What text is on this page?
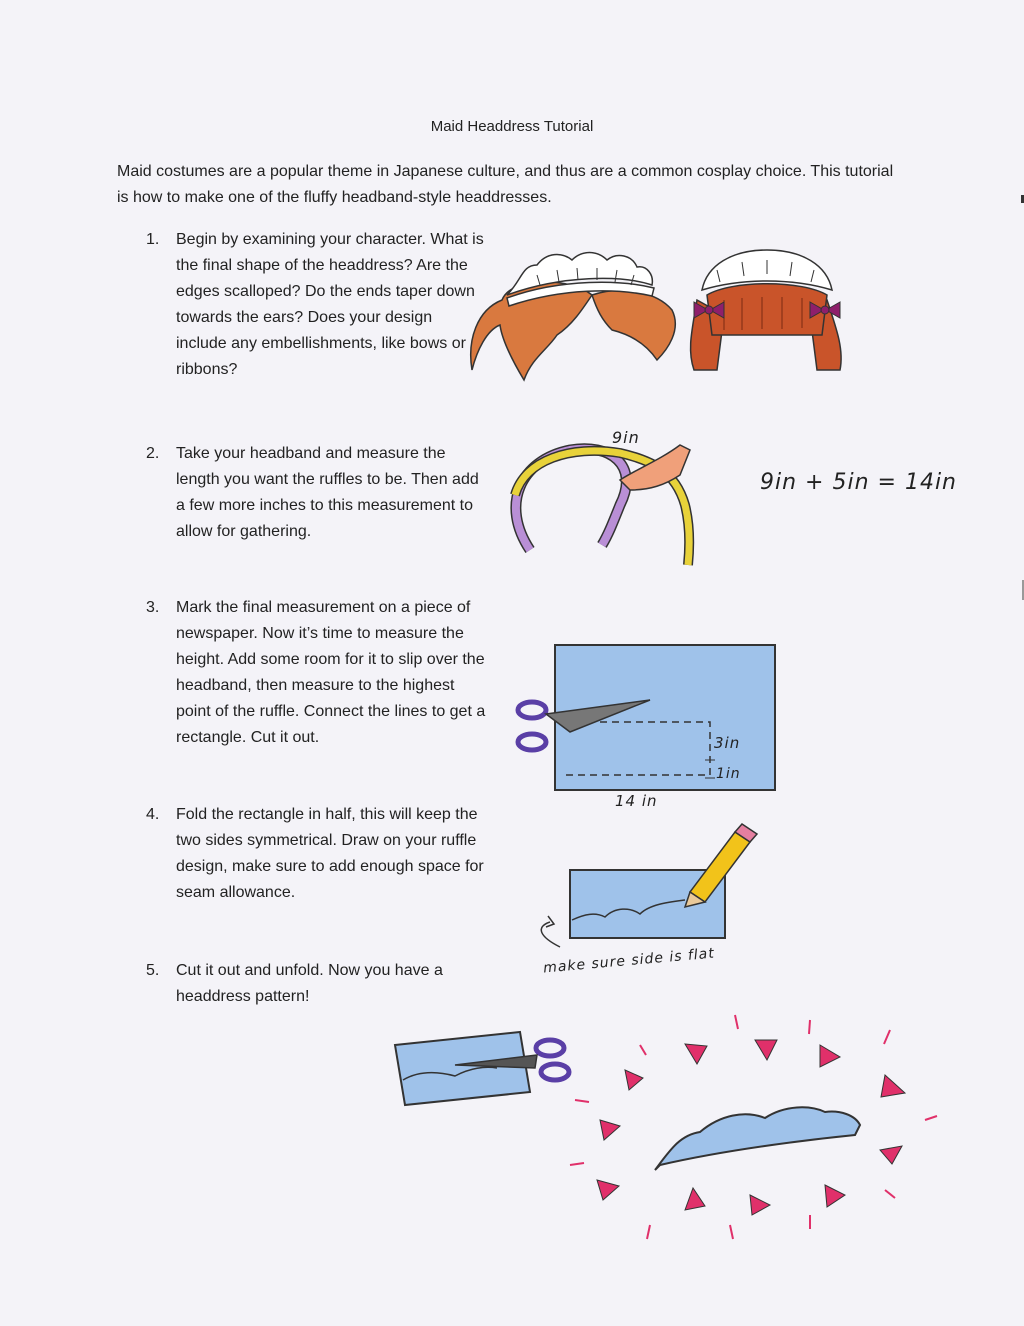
Maid Headdress Tutorial
Maid costumes are a popular theme in Japanese culture, and thus are a common cosplay choice. This tutorial is how to make one of the fluffy headband-style headdresses.
1. Begin by examining your character. What is the final shape of the headdress? Are the edges scalloped? Do the ends taper down towards the ears? Does your design include any embellishments, like bows or ribbons?
2. Take your headband and measure the length you want the ruffles to be. Then add a few more inches to this measurement to allow for gathering.
3. Mark the final measurement on a piece of newspaper. Now it’s time to measure the height. Add some room for it to slip over the headband, then measure to the highest point of the ruffle. Connect the lines to get a rectangle. Cut it out.
4. Fold the rectangle in half, this will keep the two sides symmetrical. Draw on your ruffle design, make sure to add enough space for seam allowance.
5. Cut it out and unfold. Now you have a headdress pattern!
9in
9in + 5in = 14in
3in
1in
14 in
make sure side is flat
